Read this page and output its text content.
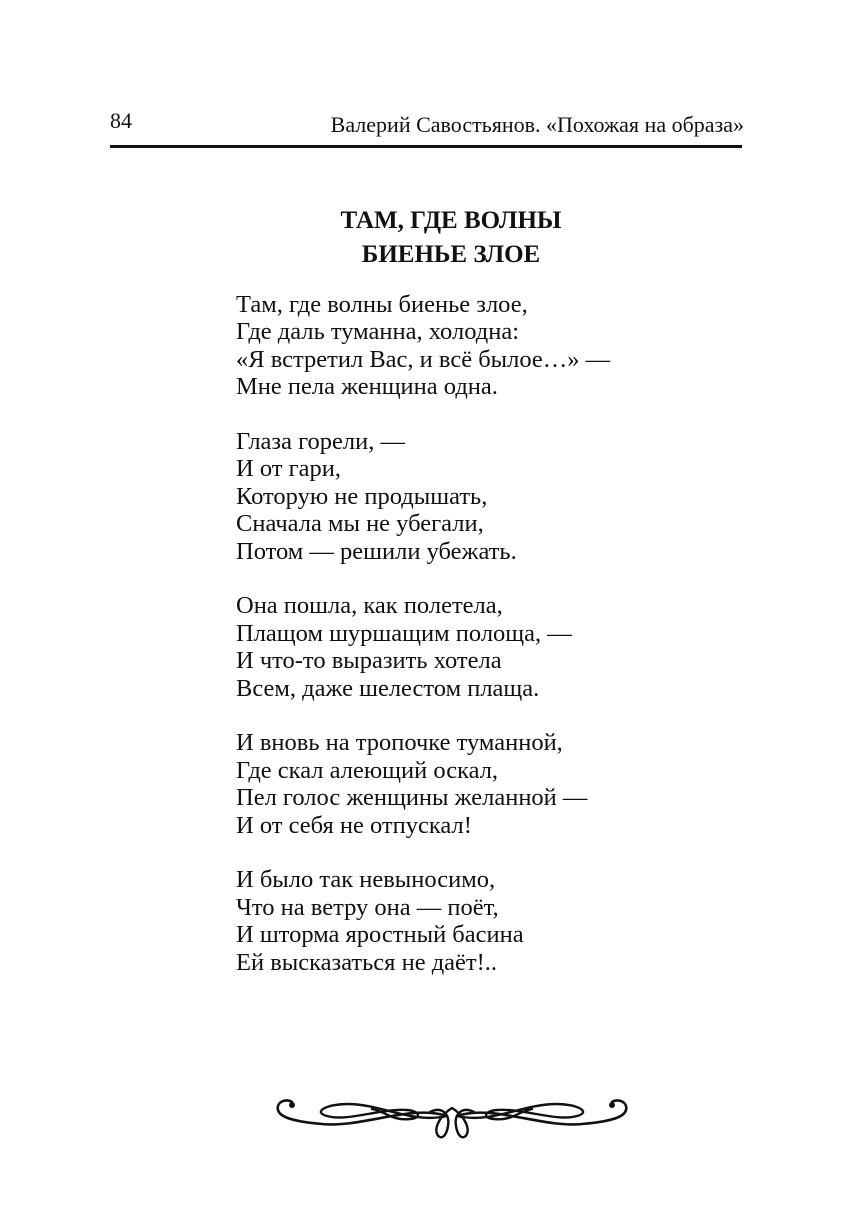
84	Валерий Савостьянов. «Похожая на образа»
ТАМ, ГДЕ ВОЛНЫ
БИЕНЬЕ ЗЛОЕ
Там, где волны биенье злое,
Где даль туманна, холодна:
«Я встретил Вас, и всё былое…» —
Мне пела женщина одна.
Глаза горели, —
И от гари,
Которую не продышать,
Сначала мы не убегали,
Потом — решили убежать.
Она пошла, как полетела,
Плащом шуршащим полоща, —
И что-то выразить хотела
Всем, даже шелестом плаща.
И вновь на тропочке туманной,
Где скал алеющий оскал,
Пел голос женщины желанной —
И от себя не отпускал!
И было так невыносимо,
Что на ветру она — поёт,
И шторма яростный басина
Ей высказаться не даёт!..
